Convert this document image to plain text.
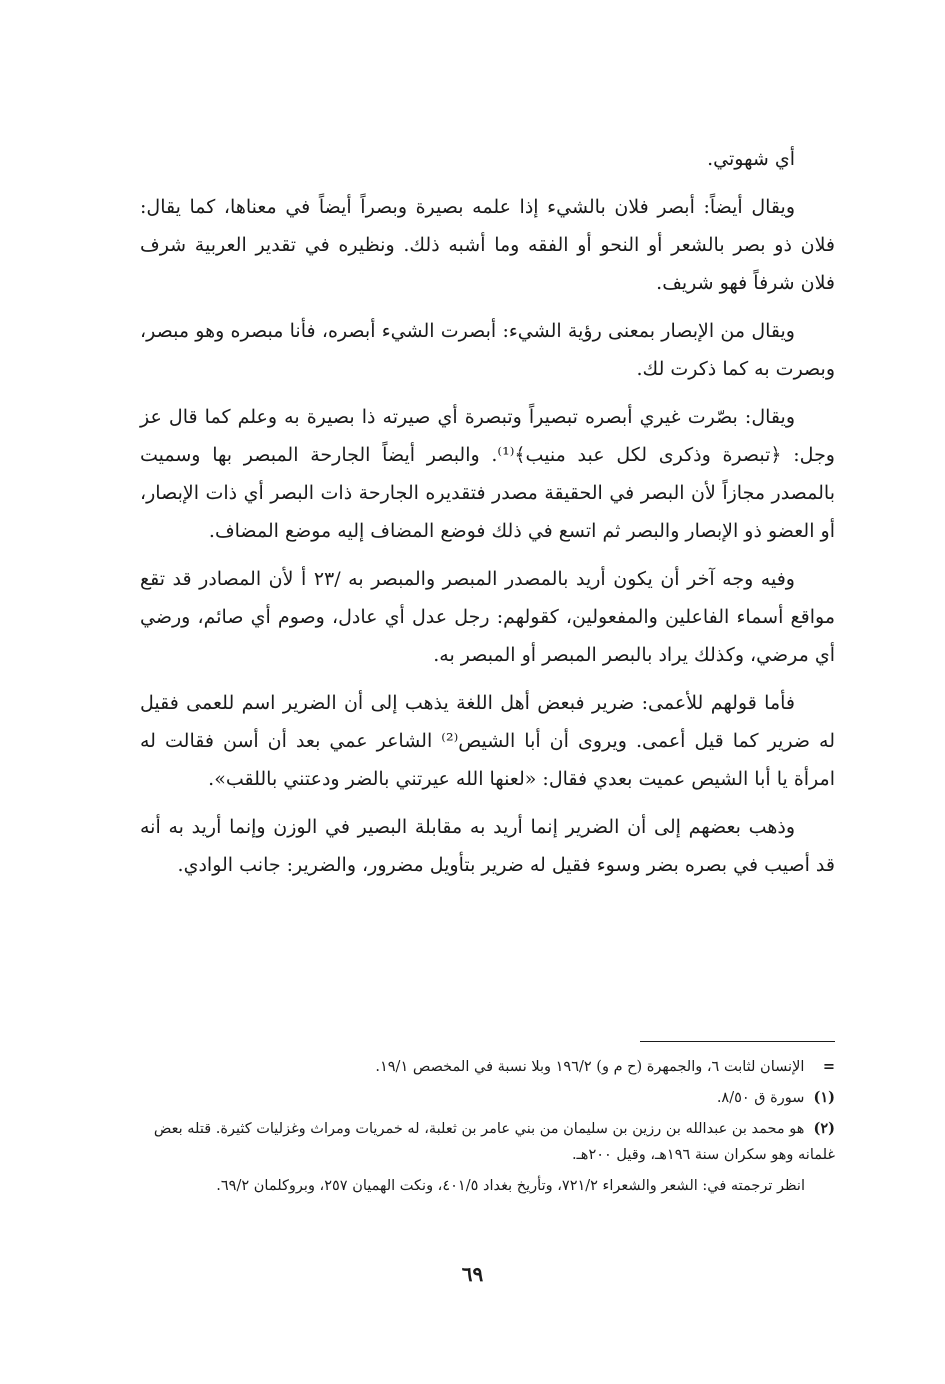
أي شهوتي.

ويقال أيضاً: أبصر فلان بالشيء إذا علمه بصيرة وبصراً أيضاً في معناها، كما يقال: فلان ذو بصر بالشعر أو النحو أو الفقه وما أشبه ذلك. ونظيره في تقدير العربية شرف فلان شرفاً فهو شريف.

ويقال من الإبصار بمعنى رؤية الشيء: أبصرت الشيء أبصره، فأنا مبصره وهو مبصر، وبصرت به كما ذكرت لك.

ويقال: بصّرت غيري أبصره تبصيراً وتبصرة أي صيرته ذا بصيرة به وعلم كما قال عز وجل: ﴿تبصرة وذكرى لكل عبد منيب﴾⁽¹⁾. والبصر أيضاً الجارحة المبصر بها وسميت بالمصدر مجازاً لأن البصر في الحقيقة مصدر فتقديره الجارحة ذات البصر أي ذات الإبصار، أو العضو ذو الإبصار والبصر ثم اتسع في ذلك فوضع المضاف إليه موضع المضاف.

وفيه وجه آخر أن يكون أريد بالمصدر المبصر والمبصر به ‎/٢٣ أ لأن المصادر قد تقع مواقع أسماء الفاعلين والمفعولين، كقولهم: رجل عدل أي عادل، وصوم أي صائم، ورضي أي مرضي، وكذلك يراد بالبصر المبصر أو المبصر به.

فأما قولهم للأعمى: ضرير فبعض أهل اللغة يذهب إلى أن الضرير اسم للعمى فقيل له ضرير كما قيل أعمى. ويروى أن أبا الشيص⁽²⁾ الشاعر عمي بعد أن أسن فقالت له امرأة يا أبا الشيص عميت بعدي فقال: «لعنها الله عيرتني بالضر ودعتني باللقب».

وذهب بعضهم إلى أن الضرير إنما أريد به مقابلة البصير في الوزن وإنما أريد به أنه قد أصيب في بصره بضر وسوء فقيل له ضرير بتأويل مضرور، والضرير: جانب الوادي.

= الإنسان لثابت ٦، والجمهرة (ح م و) ١٩٦/٢ وبلا نسبة في المخصص ١٩/١.

(١) سورة ق ٨/٥٠.

(٢) هو محمد بن عبدالله بن رزين بن سليمان من بني عامر بن ثعلبة، له خمريات ومراث وغزليات كثيرة. قتله بعض غلمانه وهو سكران سنة ١٩٦هـ، وقيل ٢٠٠هـ.

انظر ترجمته في: الشعر والشعراء ٧٢١/٢، وتأريخ بغداد ٤٠١/٥، ونكت الهميان ٢٥٧، وبروكلمان ٦٩/٢.

٦٩
